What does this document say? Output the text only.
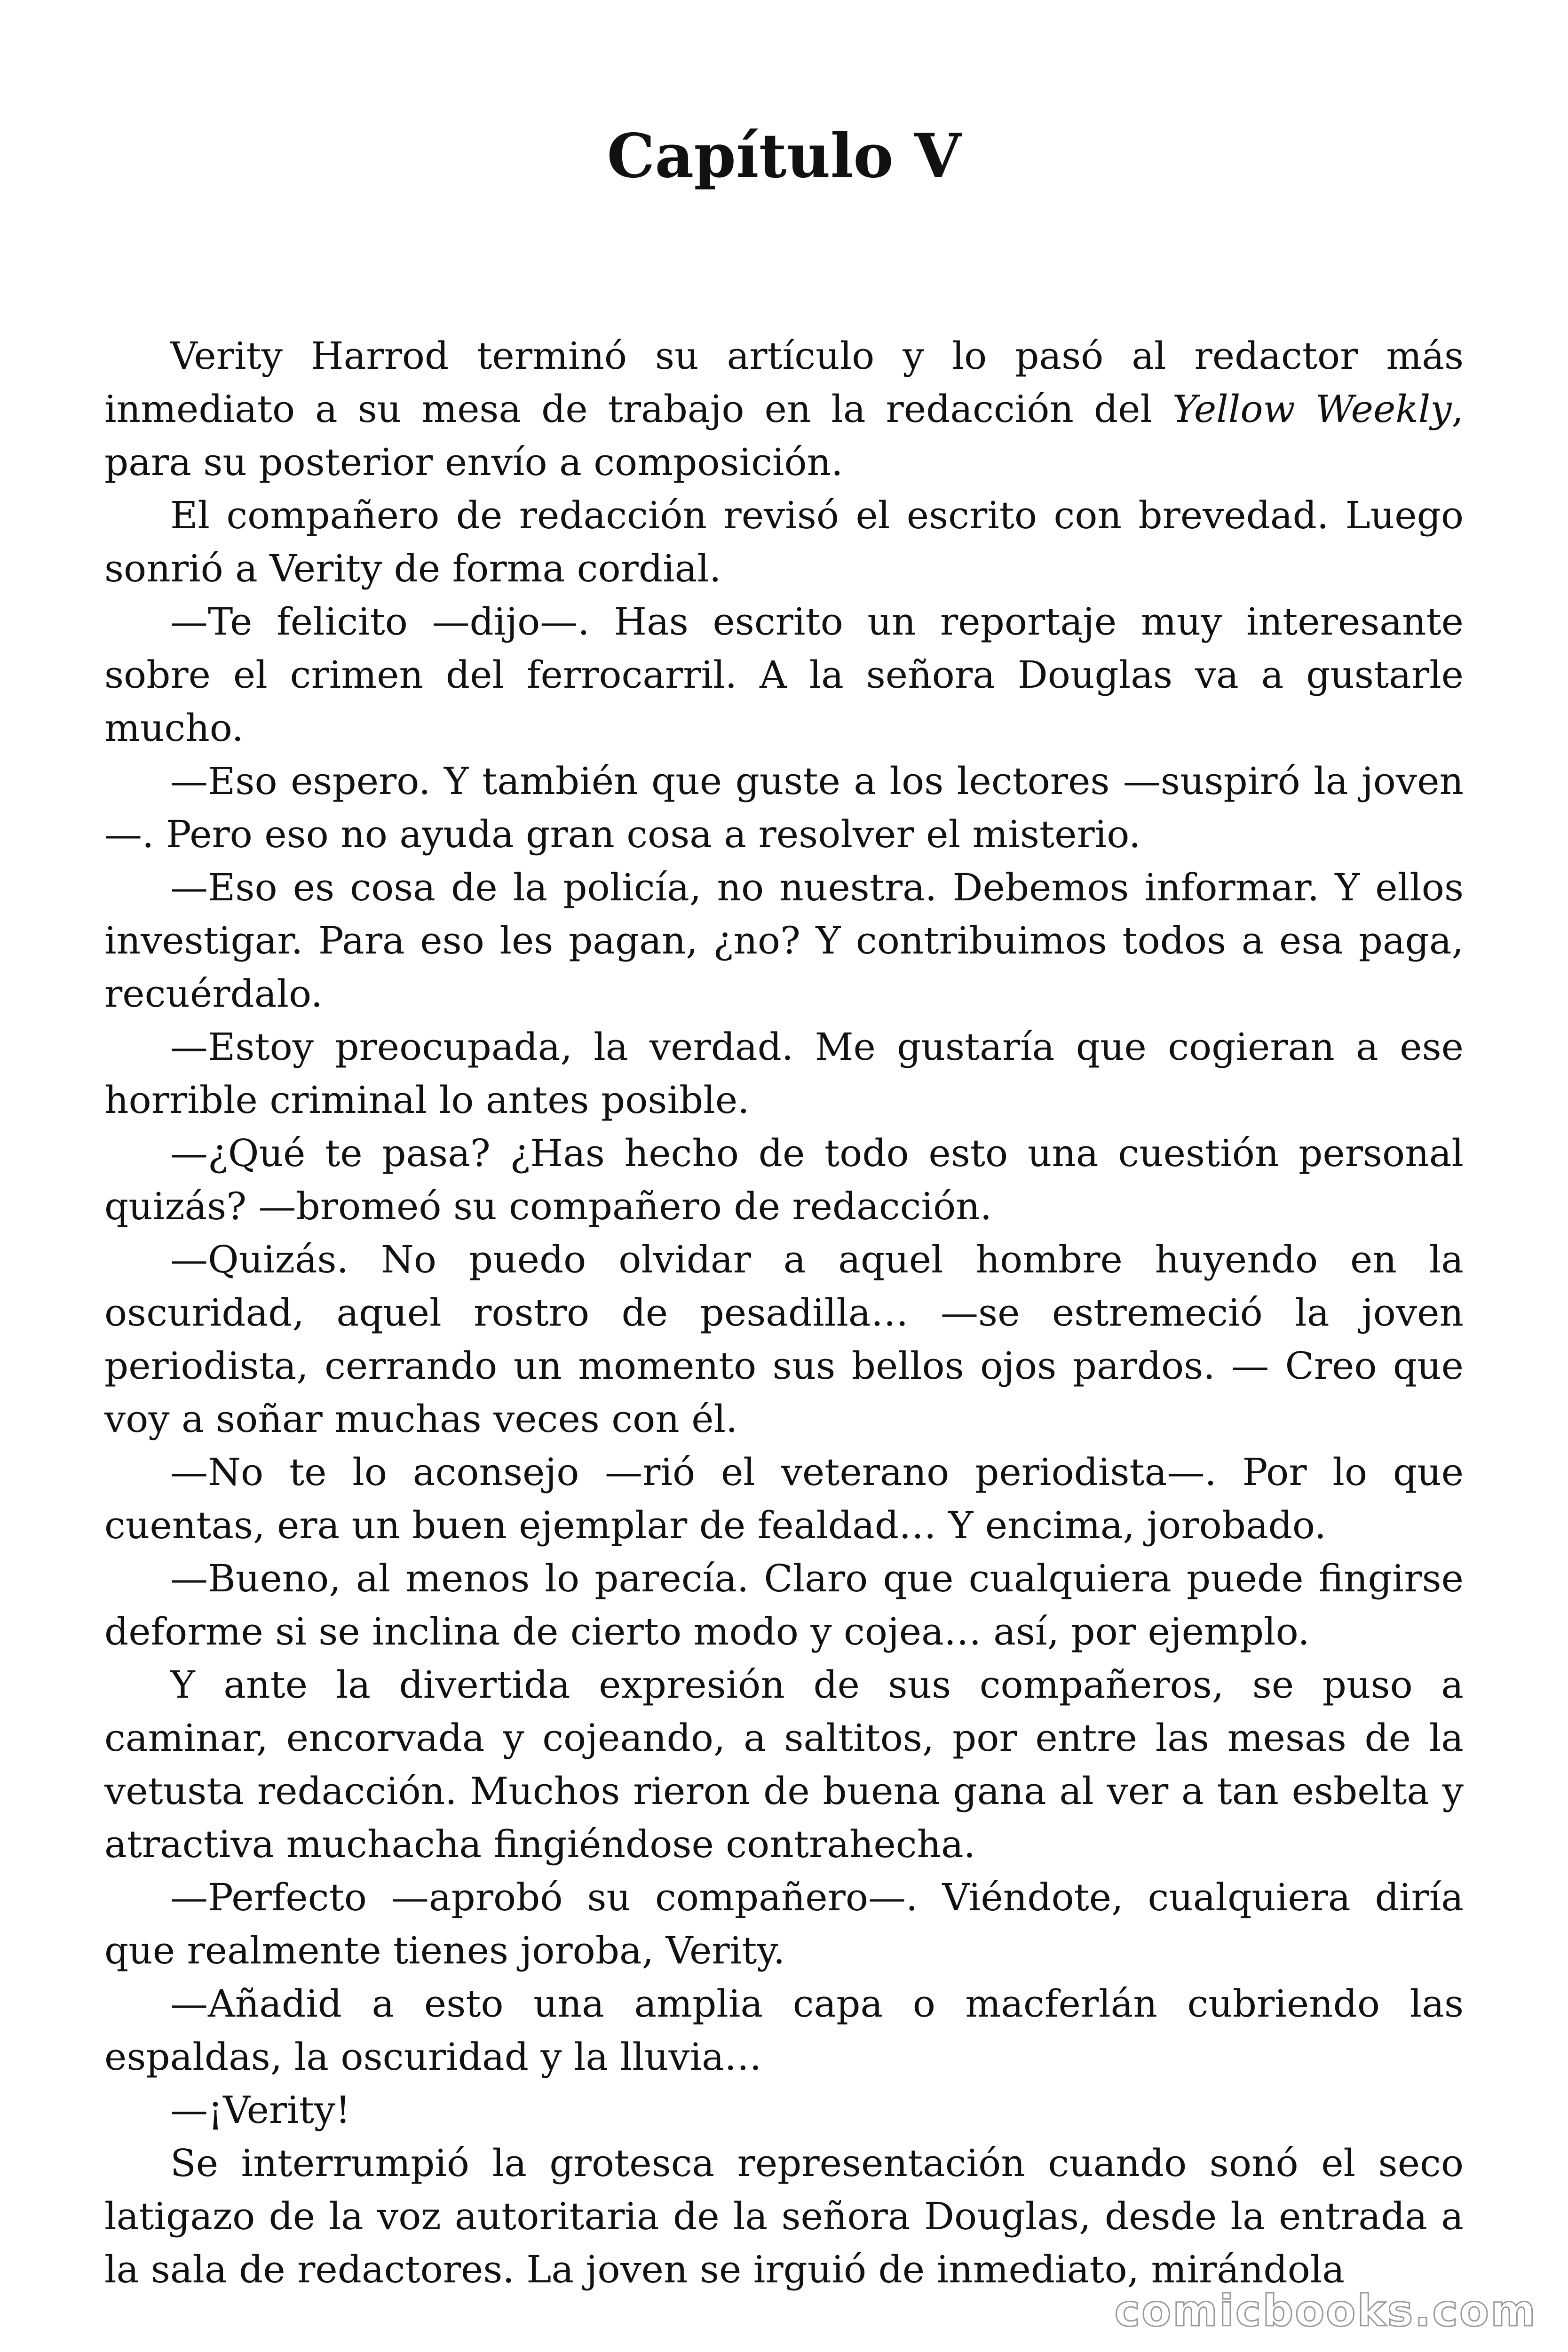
Capítulo V

Verity Harrod terminó su artículo y lo pasó al redactor más inmediato a su mesa de trabajo en la redacción del Yellow Weekly, para su posterior envío a composición.

El compañero de redacción revisó el escrito con brevedad. Luego sonrió a Verity de forma cordial.

—Te felicito —dijo—. Has escrito un reportaje muy interesante sobre el crimen del ferrocarril. A la señora Douglas va a gustarle mucho.

—Eso espero. Y también que guste a los lectores —suspiró la joven —. Pero eso no ayuda gran cosa a resolver el misterio.

—Eso es cosa de la policía, no nuestra. Debemos informar. Y ellos investigar. Para eso les pagan, ¿no? Y contribuimos todos a esa paga, recuérdalo.

—Estoy preocupada, la verdad. Me gustaría que cogieran a ese horrible criminal lo antes posible.

—¿Qué te pasa? ¿Has hecho de todo esto una cuestión personal quizás? —bromeó su compañero de redacción.

—Quizás. No puedo olvidar a aquel hombre huyendo en la oscuridad, aquel rostro de pesadilla… —se estremeció la joven periodista, cerrando un momento sus bellos ojos pardos. — Creo que voy a soñar muchas veces con él.

—No te lo aconsejo —rió el veterano periodista—. Por lo que cuentas, era un buen ejemplar de fealdad… Y encima, jorobado.

—Bueno, al menos lo parecía. Claro que cualquiera puede fingirse deforme si se inclina de cierto modo y cojea… así, por ejemplo.

Y ante la divertida expresión de sus compañeros, se puso a caminar, encorvada y cojeando, a saltitos, por entre las mesas de la vetusta redacción. Muchos rieron de buena gana al ver a tan esbelta y atractiva muchacha fingiéndose contrahecha.

—Perfecto —aprobó su compañero—. Viéndote, cualquiera diría que realmente tienes joroba, Verity.

—Añadid a esto una amplia capa o macferlán cubriendo las espaldas, la oscuridad y la lluvia…

—¡Verity!

Se interrumpió la grotesca representación cuando sonó el seco latigazo de la voz autoritaria de la señora Douglas, desde la entrada a la sala de redactores. La joven se irguió de inmediato, mirándola

comicbooks.com
